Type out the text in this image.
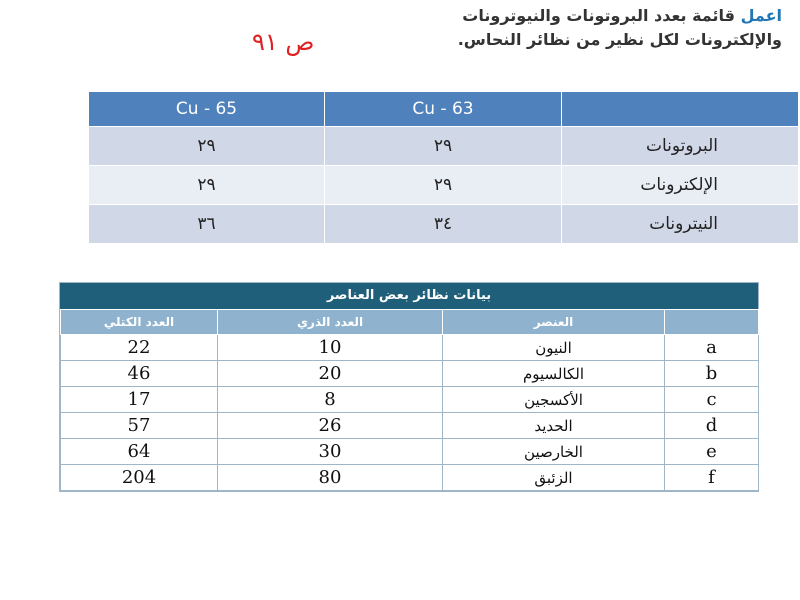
اعمل قائمة بعدد البروتونات والنيوترونات
والإلكترونات لكل نظير من نظائر النحاس.
ص ٩١
Cu - 65	Cu - 63	
٢٩	٢٩	البروتونات
٢٩	٢٩	الإلكترونات
٣٦	٣٤	النيترونات
بيانات نظائر بعض العناصر
العدد الكتلي	العدد الذري	العنصر	
22	10	النيون	a
46	20	الكالسيوم	b
17	8	الأكسجين	c
57	26	الحديد	d
64	30	الخارصين	e
204	80	الزئبق	f
